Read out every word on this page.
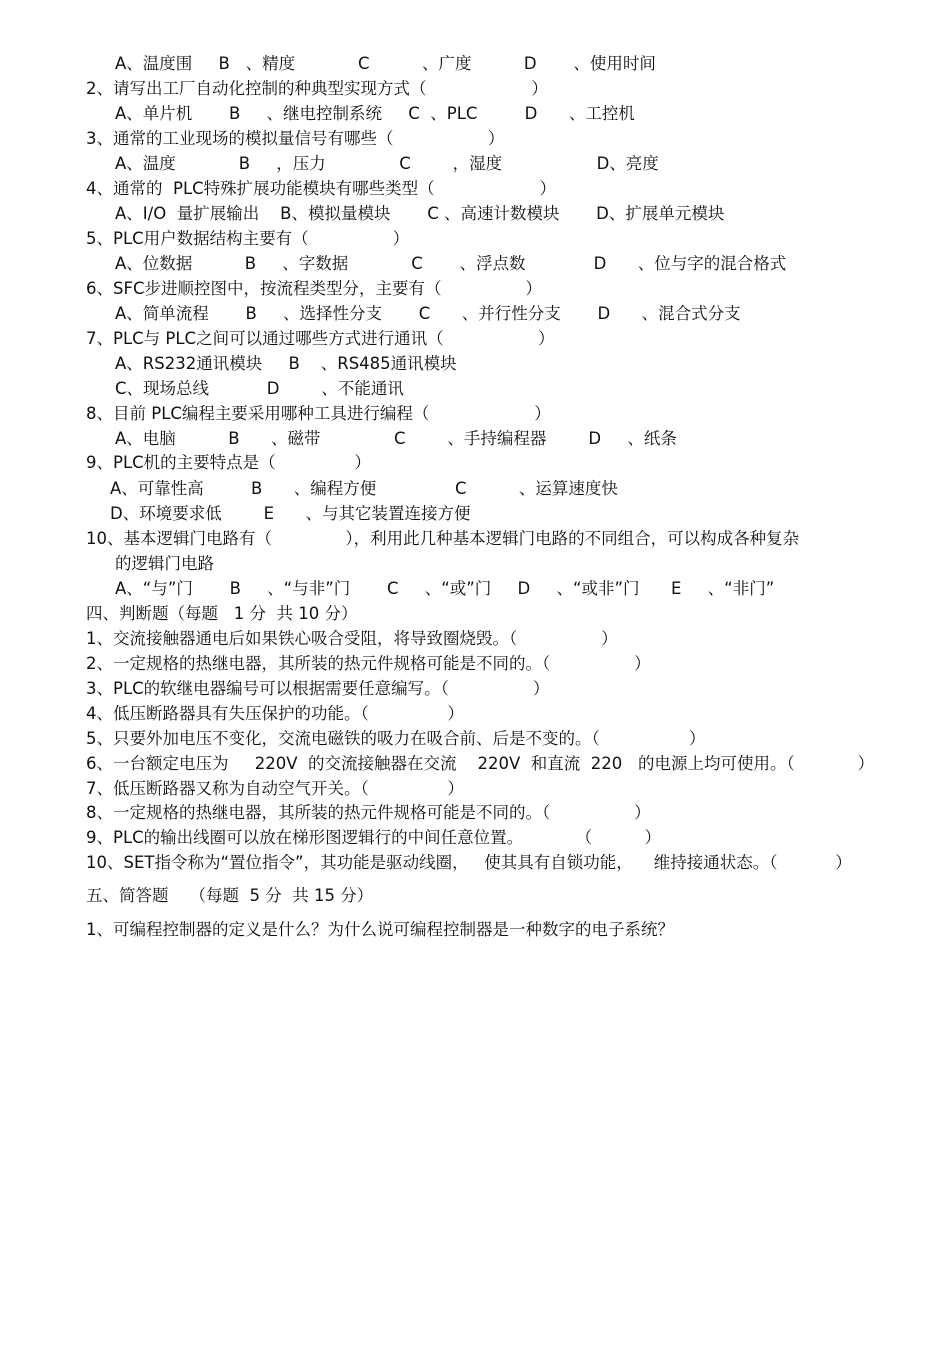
A、温度围     B   、精度            C          、广度          D       、使用时间
2、请写出工厂自动化控制的种典型实现方式（                    ）
A、单片机       B     、继电控制系统     C  、PLC         D      、工控机
3、通常的工业现场的模拟量信号有哪些（                  ）
A、温度            B     ，压力              C        ，湿度                  D、亮度
4、通常的  PLC特殊扩展功能模块有哪些类型（                    ）
A、I/O  量扩展输出    B、模拟量模块       C 、高速计数模块       D、扩展单元模块
5、PLC用户数据结构主要有（                ）
A、位数据          B     、字数据            C       、浮点数             D      、位与字的混合格式
6、SFC步进顺控图中，按流程类型分，主要有（                ）
A、简单流程       B     、选择性分支       C      、并行性分支       D      、混合式分支
7、PLC与 PLC之间可以通过哪些方式进行通讯（                  ）
A、RS232通讯模块     B    、RS485通讯模块
C、现场总线           D        、不能通讯
8、目前 PLC编程主要采用哪种工具进行编程（                    ）
A、电脑          B      、磁带              C        、手持编程器        D     、纸条
9、PLC机的主要特点是（               ）
A、可靠性高         B      、编程方便               C          、运算速度快
D、环境要求低        E      、与其它装置连接方便
10、基本逻辑门电路有（              ），利用此几种基本逻辑门电路的不同组合，可以构成各种复杂
的逻辑门电路
A、“与”门       B     、“与非”门       C     、“或”门     D     、“或非”门      E     、“非门”
四、判断题（每题   1 分  共 10 分）
1、交流接触器通电后如果铁心吸合受阻，将导致圈烧毁。（                ）
2、一定规格的热继电器，其所装的热元件规格可能是不同的。（                ）
3、PLC的软继电器编号可以根据需要任意编写。（                ）
4、低压断路器具有失压保护的功能。（               ）
5、只要外加电压不变化，交流电磁铁的吸力在吸合前、后是不变的。（                 ）
6、一台额定电压为     220V  的交流接触器在交流    220V  和直流  220   的电源上均可使用。（            ）
7、低压断路器又称为自动空气开关。（               ）
8、一定规格的热继电器，其所装的热元件规格可能是不同的。（                ）
9、PLC的输出线圈可以放在梯形图逻辑行的中间任意位置。          （          ）
10、SET指令称为“置位指令”，其功能是驱动线圈，   使其具有自锁功能，    维持接通状态。（           ）
五、简答题    （每题  5 分  共 15 分）
1、可编程控制器的定义是什么？为什么说可编程控制器是一种数字的电子系统？
